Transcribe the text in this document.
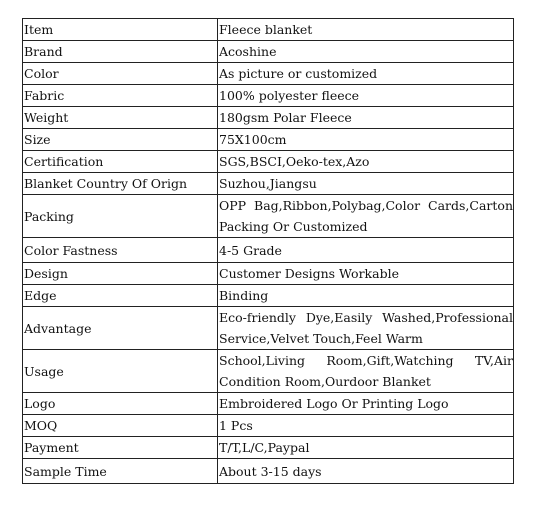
Item	Fleece blanket
Brand	Acoshine
Color	As picture or customized
Fabric	100% polyester fleece
Weight	180gsm Polar Fleece
Size	75X100cm
Certification	SGS,BSCI,Oeko-tex,Azo
Blanket Country Of Orign	Suzhou,Jiangsu
Packing	OPP Bag,Ribbon,Polybag,Color Cards,Carton Packing Or Customized
Color Fastness	4-5 Grade
Design	Customer Designs Workable
Edge	Binding
Advantage	Eco-friendly Dye,Easily Washed,Professional Service,Velvet Touch,Feel Warm
Usage	School,Living Room,Gift,Watching TV,Air Condition Room,Ourdoor Blanket
Logo	Embroidered Logo Or Printing Logo
MOQ	1 Pcs
Payment	T/T,L/C,Paypal
Sample Time	About 3-15 days
